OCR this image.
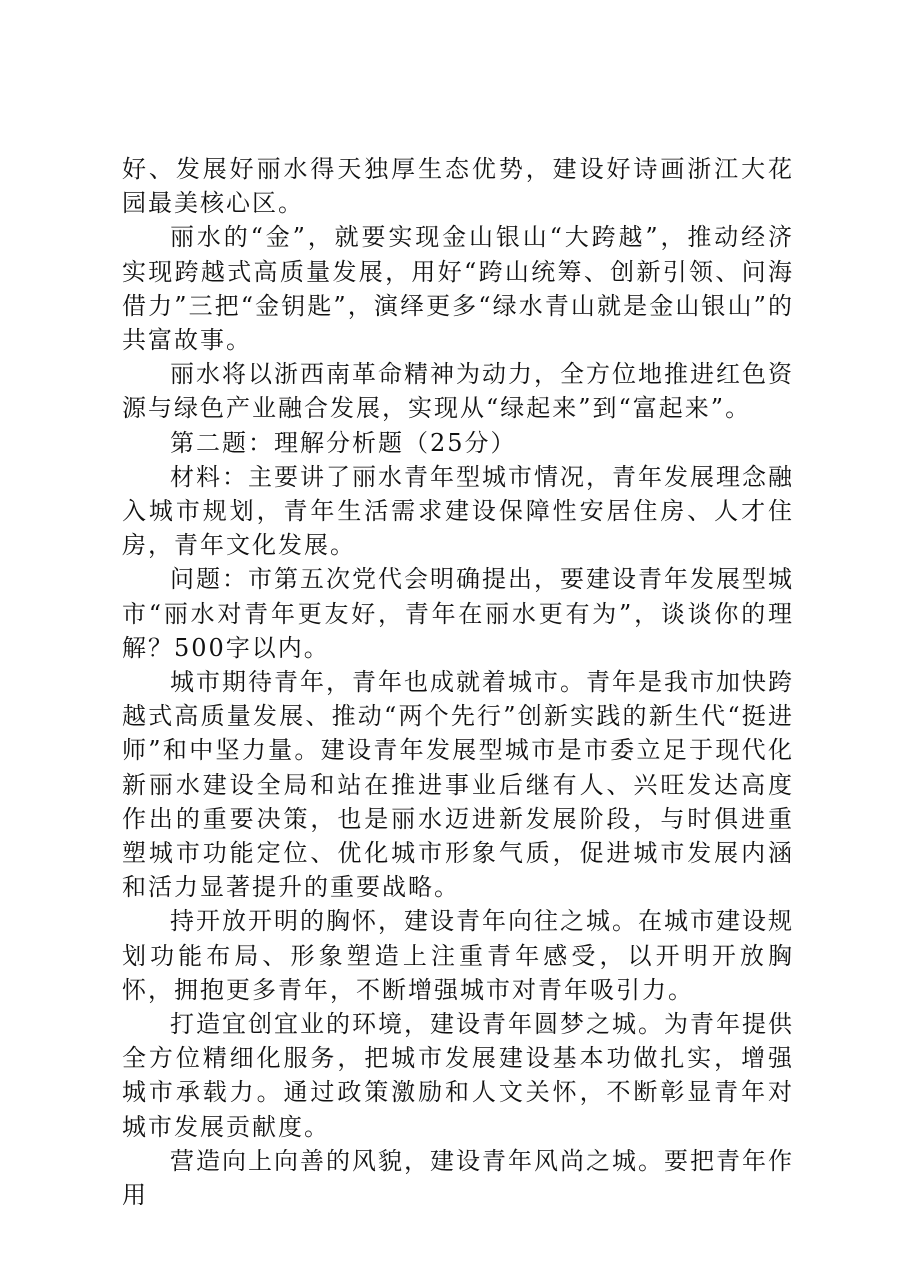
好、发展好丽水得天独厚生态优势，建设好诗画浙江大花园最美核心区。

丽水的“金”，就要实现金山银山“大跨越”，推动经济实现跨越式高质量发展，用好“跨山统筹、创新引领、问海借力”三把“金钥匙”，演绎更多“绿水青山就是金山银山”的共富故事。

丽水将以浙西南革命精神为动力，全方位地推进红色资源与绿色产业融合发展，实现从“绿起来”到“富起来”。

第二题：理解分析题（25分）

材料：主要讲了丽水青年型城市情况，青年发展理念融入城市规划，青年生活需求建设保障性安居住房、人才住房，青年文化发展。

问题：市第五次党代会明确提出，要建设青年发展型城市“丽水对青年更友好，青年在丽水更有为”，谈谈你的理解？500字以内。

城市期待青年，青年也成就着城市。青年是我市加快跨越式高质量发展、推动“两个先行”创新实践的新生代“挺进师”和中坚力量。建设青年发展型城市是市委立足于现代化新丽水建设全局和站在推进事业后继有人、兴旺发达高度作出的重要决策，也是丽水迈进新发展阶段，与时俱进重塑城市功能定位、优化城市形象气质，促进城市发展内涵和活力显著提升的重要战略。

持开放开明的胸怀，建设青年向往之城。在城市建设规划功能布局、形象塑造上注重青年感受，以开明开放胸怀，拥抱更多青年，不断增强城市对青年吸引力。

打造宜创宜业的环境，建设青年圆梦之城。为青年提供全方位精细化服务，把城市发展建设基本功做扎实，增强城市承载力。通过政策激励和人文关怀，不断彰显青年对城市发展贡献度。

营造向上向善的风貌，建设青年风尚之城。要把青年作用
